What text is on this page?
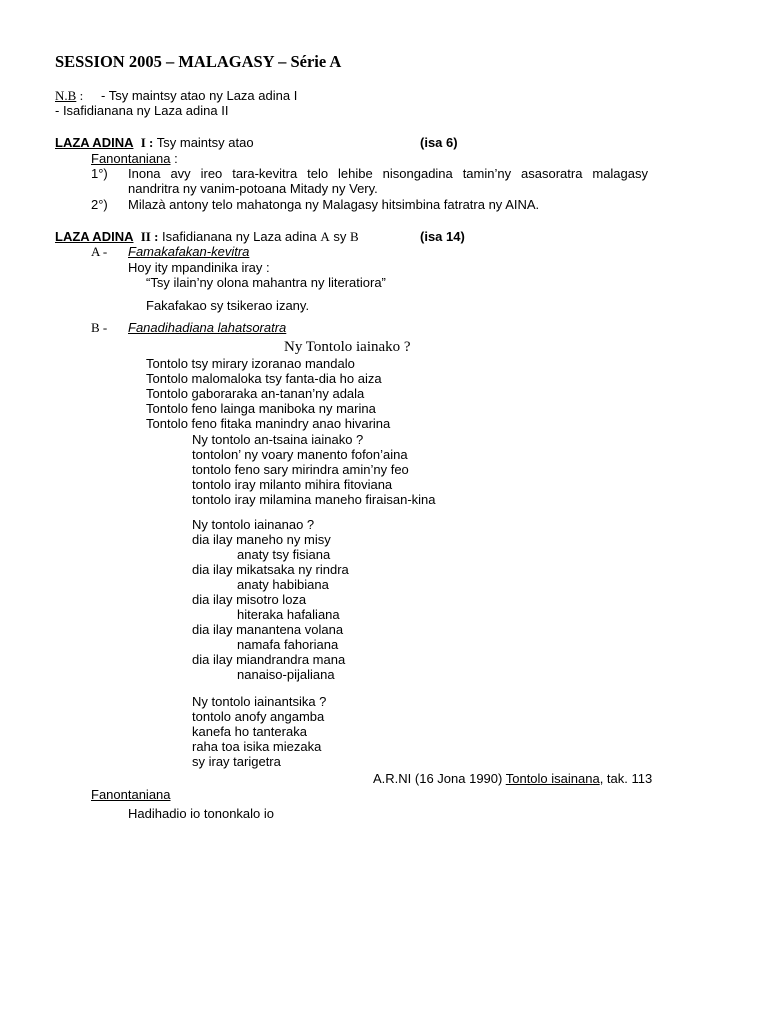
SESSION 2005 – MALAGASY – Série A
N.B : - Tsy maintsy atao ny Laza adina I
- Isafidianana ny Laza adina II
LAZA ADINA I : Tsy maintsy atao	(isa 6)
Fanontaniana :
1°) Inona avy ireo tara-kevitra telo lehibe nisongadina tamin’ny asasoratra malagasy
nandritra ny vanim-potoana Mitady ny Very.
2°) Milazà antony telo mahatonga ny Malagasy hitsimbina fatratra ny AINA.
LAZA ADINA II : Isafidianana ny Laza adina A sy B	(isa 14)
A - Famakafakan-kevitra
Hoy ity mpandinika iray :
“Tsy ilain’ny olona mahantra ny literatiora”
Fakafakao sy tsikerao izany.
B - Fanadihadiana lahatsoratra
Ny Tontolo iainako ?
Tontolo tsy mirary izoranao mandalo
Tontolo malomaloka tsy fanta-dia ho aiza
Tontolo gaboraraka an-tanan’ny adala
Tontolo feno lainga maniboka ny marina
Tontolo feno fitaka manindry anao hivarina
Ny tontolo an-tsaina iainako ?
tontolon’ ny voary manento fofon’aina
tontolo feno sary mirindra amin’ny feo
tontolo iray milanto mihira fitoviana
tontolo iray milamina maneho firaisan-kina
Ny tontolo iainanao ?
dia ilay maneho ny misy
anaty tsy fisiana
dia ilay mikatsaka ny rindra
anaty habibiana
dia ilay misotro loza
hiteraka hafaliana
dia ilay manantena volana
namafa fahoriana
dia ilay miandrandra mana
nanaiso-pijaliana
Ny tontolo iainantsika ?
tontolo anofy angamba
kanefa ho tanteraka
raha toa isika miezaka
sy iray tarigetra
A.R.NI (16 Jona 1990) Tontolo isainana, tak. 113
Fanontaniana
Hadihadio io tononkalo io
